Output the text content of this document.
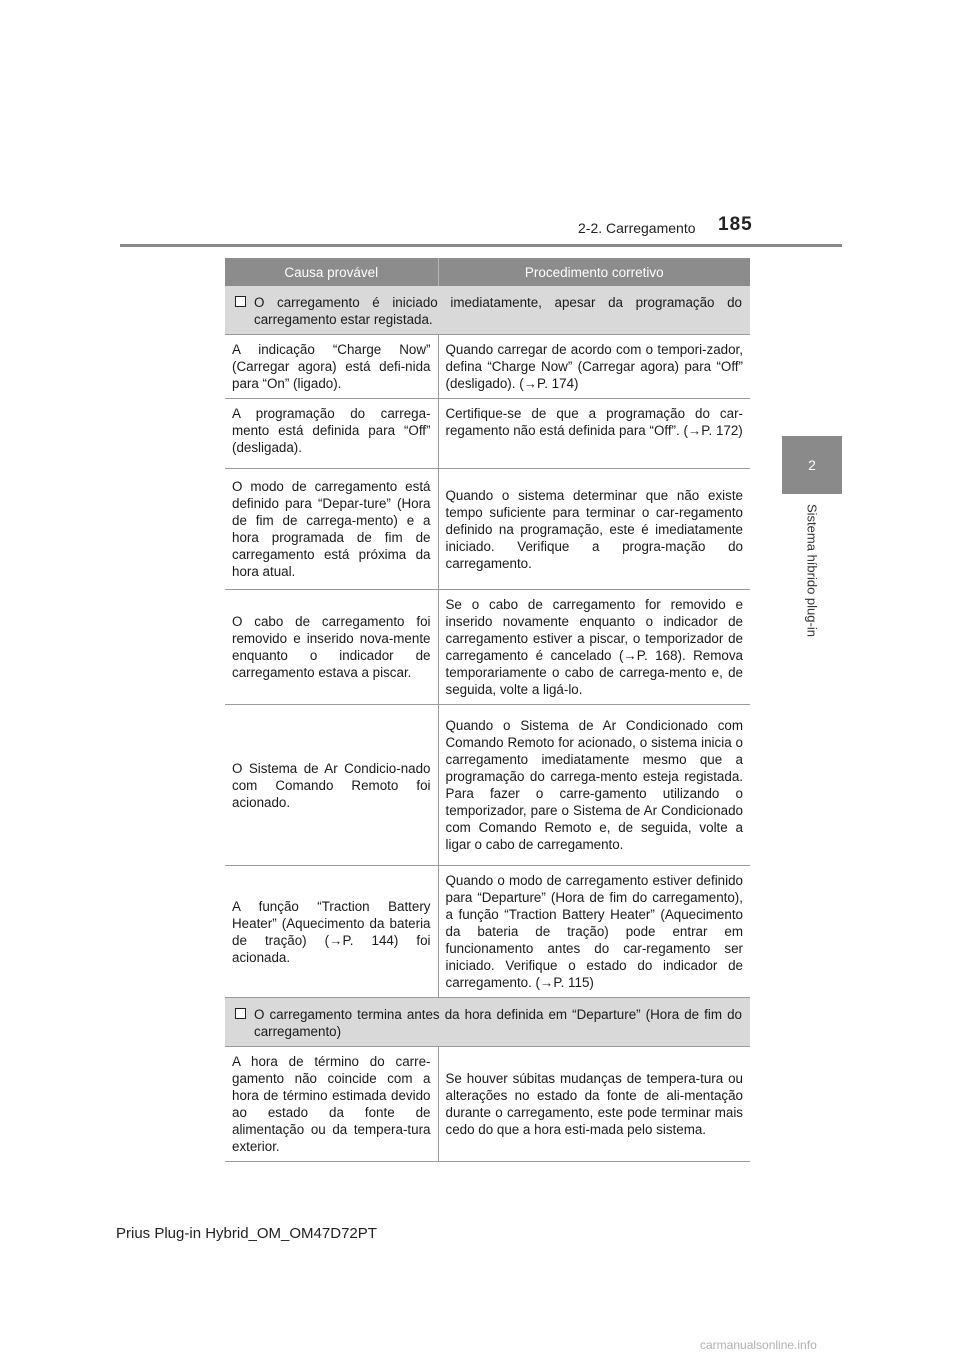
2-2. Carregamento 185
2
Sistema híbrido plug-in
Causa provável	Procedimento corretivo

O carregamento é iniciado imediatamente, apesar da programação do carregamento estar registada.	

A indicação “Charge Now” (Carregar agora) está defi-nida para “On” (ligado).	Quando carregar de acordo com o tempori-zador, defina “Charge Now” (Carregar agora) para “Off” (desligado). (→P. 174)
A programação do carrega-mento está definida para “Off” (desligada).	Certifique-se de que a programação do car-regamento não está definida para “Off”. (→P. 172)
O modo de carregamento está definido para “Depar-ture” (Hora de fim de carrega-mento) e a hora programada de fim de carregamento está próxima da hora atual.	Quando o sistema determinar que não existe tempo suficiente para terminar o car-regamento definido na programação, este é imediatamente iniciado. Verifique a progra-mação do carregamento.
O cabo de carregamento foi removido e inserido nova-mente enquanto o indicador de carregamento estava a piscar.	Se o cabo de carregamento for removido e inserido novamente enquanto o indicador de carregamento estiver a piscar, o temporizador de carregamento é cancelado (→P. 168). Remova temporariamente o cabo de carrega-mento e, de seguida, volte a ligá-lo.
O Sistema de Ar Condicio-nado com Comando Remoto foi acionado.	Quando o Sistema de Ar Condicionado com Comando Remoto for acionado, o sistema inicia o carregamento imediatamente mesmo que a programação do carrega-mento esteja registada. Para fazer o carre-gamento utilizando o temporizador, pare o Sistema de Ar Condicionado com Comando Remoto e, de seguida, volte a ligar o cabo de carregamento.
A função “Traction Battery Heater” (Aquecimento da bateria de tração) (→P. 144) foi acionada.	Quando o modo de carregamento estiver definido para “Departure” (Hora de fim do carregamento), a função “Traction Battery Heater” (Aquecimento da bateria de tração) pode entrar em funcionamento antes do car-regamento ser iniciado. Verifique o estado do indicador de carregamento. (→P. 115)

O carregamento termina antes da hora definida em “Departure” (Hora de fim do carregamento)	

A hora de término do carre-gamento não coincide com a hora de término estimada devido ao estado da fonte de alimentação ou da tempera-tura exterior.	Se houver súbitas mudanças de tempera-tura ou alterações no estado da fonte de ali-mentação durante o carregamento, este pode terminar mais cedo do que a hora esti-mada pelo sistema.
Prius Plug-in Hybrid_OM_OM47D72PT
carmanualsonline.info
